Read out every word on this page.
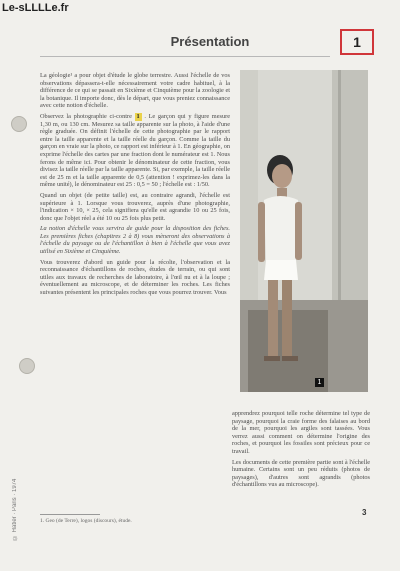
Le-sLLLLe.fr
Présentation	1
© Hatier · Paris · 1974

La géologie¹ a pour objet d'étude le globe terrestre. Aussi l'échelle de vos observations dépassera-t-elle nécessairement votre cadre habituel, à la différence de ce qui se passait en Sixième et Cinquième pour la zoologie et la botanique. Il importe donc, dès le départ, que vous preniez connaissance avec cette notion d'échelle.

Observez la photographie ci-contre 1 . Le garçon qui y figure mesure 1,30 m, ou 130 cm. Mesurez sa taille apparente sur la photo, à l'aide d'une règle graduée. On définit l'échelle de cette photographie par le rapport entre la taille apparente et la taille réelle du garçon. Comme la taille du garçon en vraie sur la photo, ce rapport est inférieur à 1. En géographie, on exprime l'échelle des cartes par une fraction dont le numérateur est 1. Nous ferons de même ici. Pour obtenir le dénominateur de cette fraction, vous divisez la taille réelle par la taille apparente. Si, par exemple, la taille réelle est de 25 m et la taille apparente de 0,5 (attention ! exprimez-les dans la même unité), le dénominateur est 25 : 0,5 = 50 ; l'échelle est : 1/50.

Quand un objet (de petite taille) est, au contraire agrandi, l'échelle est supérieure à 1. Lorsque vous trouverez, auprès d'une photographie, l'indication × 10, × 25, cela signifiera qu'elle est agrandie 10 ou 25 fois, donc que l'objet réel a été 10 ou 25 fois plus petit.

La notion d'échelle vous servira de guide pour la disposition des fiches. Les premières fiches (chapitres 2 à 8) vous mèneront des observations à l'échelle du paysage ou de l'échantillon à bien à l'échelle que vous avez utilisé en Sixième et Cinquième.

Vous trouverez d'abord un guide pour la récolte, l'observation et la reconnaissance d'échantillons de roches, études de terrain, ou qui sont utiles aux travaux de recherches de laboratoire, à l'œil nu et à la loupe ; éventuellement au microscope, et de déterminer les roches. Les fiches suivantes présentent les principales roches que vous pourrez trouver. Vous

1

apprendrez pourquoi telle roche détermine tel type de paysage, pourquoi la craie forme des falaises au bord de la mer, pourquoi les argiles sont tassées. Vous verrez aussi comment on détermine l'origine des roches, et pourquoi les fossiles sont précieux pour ce travail.

Les documents de cette première partie sont à l'échelle humaine. Certains sont un peu réduits (photos de paysages), d'autres sont agrandis (photos d'échantillons vus au microscope).

1. Geo (de Terre), logos (discours), étude.
3
